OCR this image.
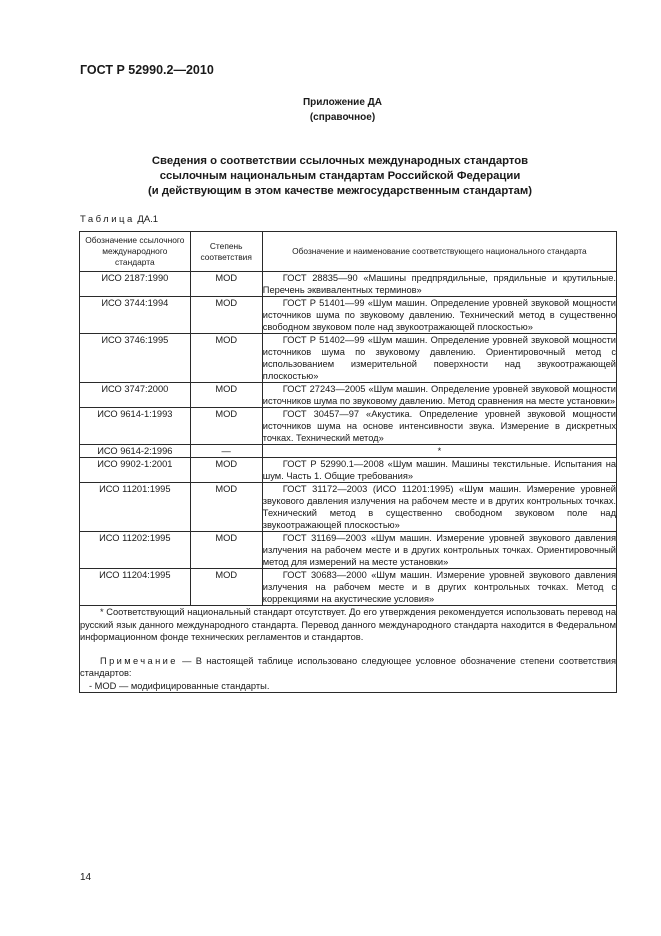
ГОСТ Р 52990.2—2010
Приложение ДА
(справочное)
Сведения о соответствии ссылочных международных стандартов
ссылочным национальным стандартам Российской Федерации
(и действующим в этом качестве межгосударственным стандартам)
Таблица ДА.1
Обозначение ссылочного международного стандарта	Степень соответствия	Обозначение и наименование соответствующего национального стандарта
ИСО 2187:1990	MOD	ГОСТ 28835—90 «Машины предпрядильные, прядильные и крутильные. Перечень эквивалентных терминов»
ИСО 3744:1994	MOD	ГОСТ Р 51401—99 «Шум машин. Определение уровней звуковой мощности источников шума по звуковому давлению. Технический метод в существенно свободном звуковом поле над звукоотражающей плоскостью»
ИСО 3746:1995	MOD	ГОСТ Р 51402—99 «Шум машин. Определение уровней звуковой мощности источников шума по звуковому давлению. Ориентировочный метод с использованием измерительной поверхности над звукоотражающей плоскостью»
ИСО 3747:2000	MOD	ГОСТ 27243—2005 «Шум машин. Определение уровней звуковой мощности источников шума по звуковому давлению. Метод сравнения на месте установки»
ИСО 9614-1:1993	MOD	ГОСТ 30457—97 «Акустика. Определение уровней звуковой мощности источников шума на основе интенсивности звука. Измерение в дискретных точках. Технический метод»
ИСО 9614-2:1996	—	*
ИСО 9902-1:2001	MOD	ГОСТ Р 52990.1—2008 «Шум машин. Машины текстильные. Испытания на шум. Часть 1. Общие требования»
ИСО 11201:1995	MOD	ГОСТ 31172—2003 (ИСО 11201:1995) «Шум машин. Измерение уровней звукового давления излучения на рабочем месте и в других контрольных точках. Технический метод в существенно свободном звуковом поле над звукоотражающей плоскостью»
ИСО 11202:1995	MOD	ГОСТ 31169—2003 «Шум машин. Измерение уровней звукового давления излучения на рабочем месте и в других контрольных точках. Ориентировочный метод для измерений на месте установки»
ИСО 11204:1995	MOD	ГОСТ 30683—2000 «Шум машин. Измерение уровней звукового давления излучения на рабочем месте и в других контрольных точках. Метод с коррекциями на акустические условия»

* Соответствующий национальный стандарт отсутствует. До его утверждения рекомендуется использовать перевод на русский язык данного международного стандарта. Перевод данного международного стандарта находится в Федеральном информационном фонде технических регламентов и стандартов.

Примечание — В настоящей таблице использовано следующее условное обозначение степени соответствия стандартов:

- MOD — модифицированные стандарты.		

14
